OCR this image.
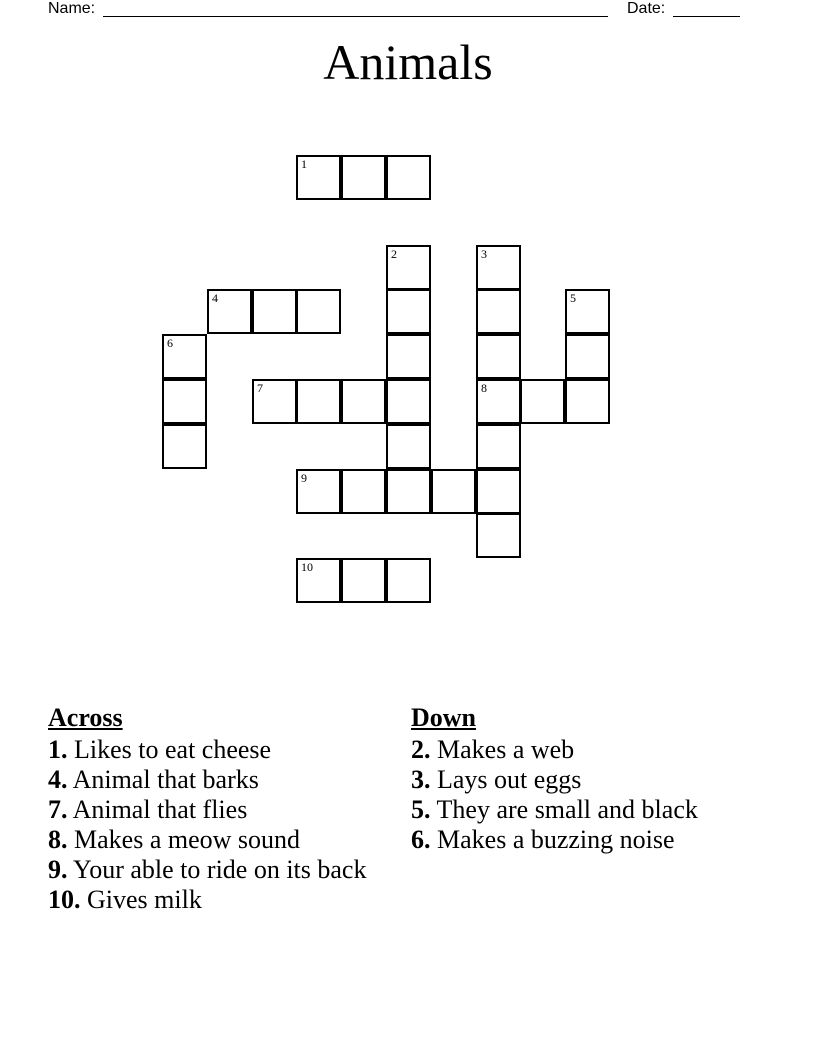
Name:	Date:
Animals
1
2	3
4	5
6
7	8
9
10
Across
1. Likes to eat cheese
4. Animal that barks
7. Animal that flies
8. Makes a meow sound
9. Your able to ride on its back
10. Gives milk
Down
2. Makes a web
3. Lays out eggs
5. They are small and black
6. Makes a buzzing noise
